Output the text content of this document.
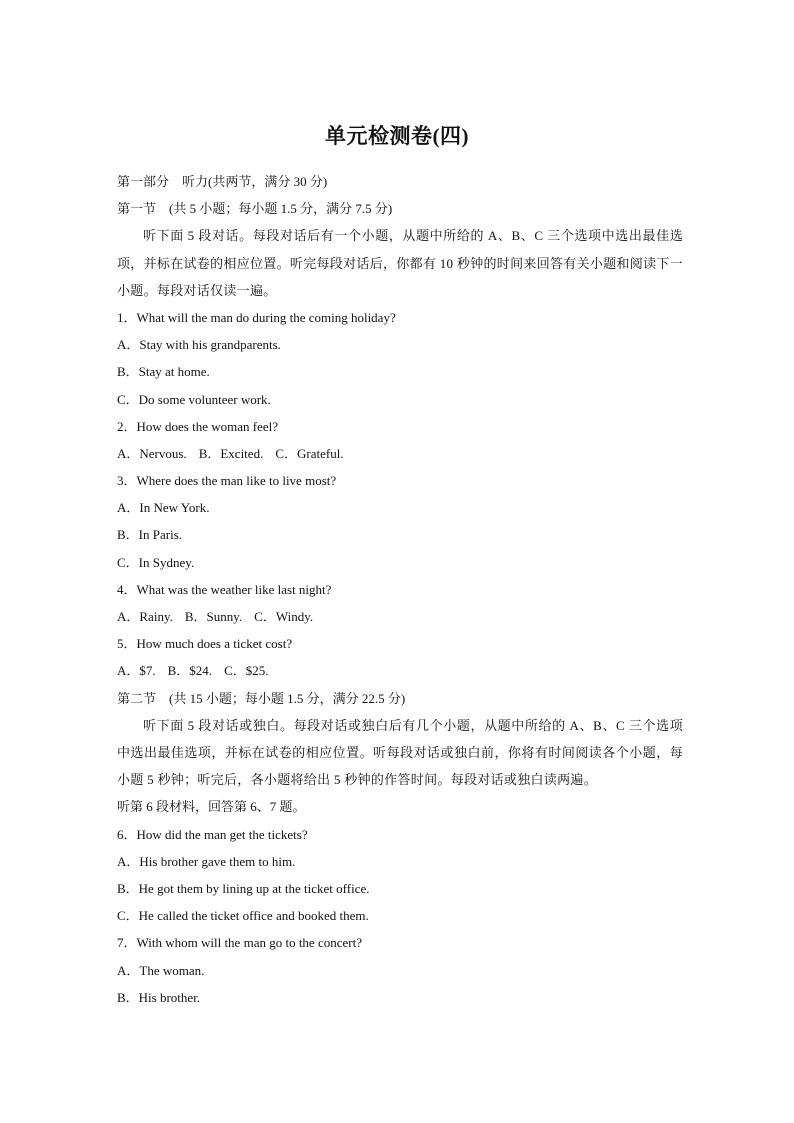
单元检测卷(四)
第一部分　听力(共两节，满分 30 分)
第一节　(共 5 小题；每小题 1.5 分，满分 7.5 分)
听下面 5 段对话。每段对话后有一个小题，从题中所给的 A、B、C 三个选项中选出最佳选项，并标在试卷的相应位置。听完每段对话后，你都有 10 秒钟的时间来回答有关小题和阅读下一小题。每段对话仅读一遍。
1．What will the man do during the coming holiday?
A．Stay with his grandparents.
B．Stay at home.
C．Do some volunteer work.
2．How does the woman feel?
A．Nervous. B．Excited. C．Grateful.
3．Where does the man like to live most?
A．In New York.
B．In Paris.
C．In Sydney.
4．What was the weather like last night?
A．Rainy. B．Sunny. C．Windy.
5．How much does a ticket cost?
A．$7. B．$24. C．$25.
第二节　(共 15 小题；每小题 1.5 分，满分 22.5 分)
听下面 5 段对话或独白。每段对话或独白后有几个小题，从题中所给的 A、B、C 三个选项中选出最佳选项，并标在试卷的相应位置。听每段对话或独白前，你将有时间阅读各个小题，每小题 5 秒钟；听完后，各小题将给出 5 秒钟的作答时间。每段对话或独白读两遍。
听第 6 段材料，回答第 6、7 题。
6．How did the man get the tickets?
A．His brother gave them to him.
B．He got them by lining up at the ticket office.
C．He called the ticket office and booked them.
7．With whom will the man go to the concert?
A．The woman.
B．His brother.
